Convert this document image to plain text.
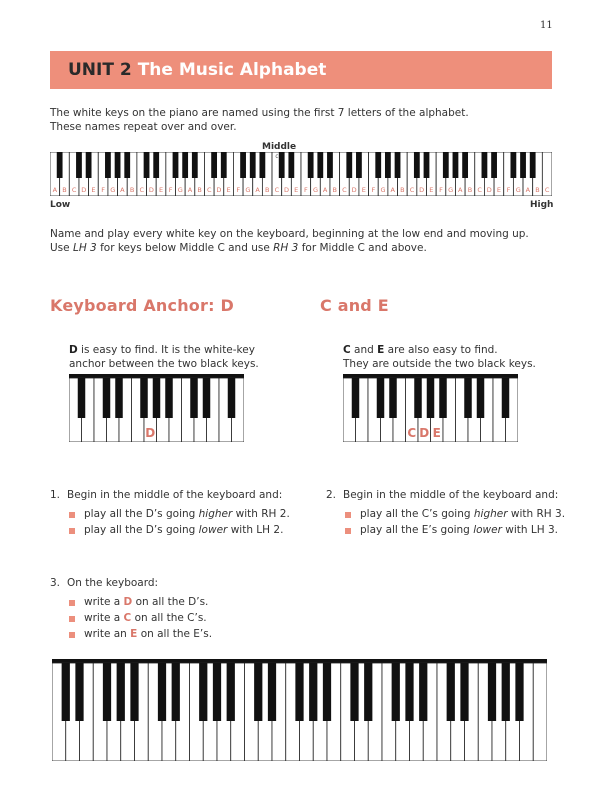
11
UNIT 2 The Music Alphabet
The white keys on the piano are named using the first 7 letters of the alphabet.
These names repeat over and over.
Middle
A B C D E F G A B C D E F G A B C D E F G A B C D E F G A B C D E F G A B C D E F G A B C D E F G A B C
C
Low	High
Name and play every white key on the keyboard, beginning at the low end and moving up.
Use LH 3 for keys below Middle C and use RH 3 for Middle C and above.
Keyboard Anchor: D	C and E
D is easy to find. It is the white-key
anchor between the two black keys.
C and E are also easy to find.
They are outside the two black keys.
D	C D E
1. Begin in the middle of the keyboard and:
play all the D’s going higher with RH 2.
play all the D’s going lower with LH 2.
2. Begin in the middle of the keyboard and:
play all the C’s going higher with RH 3.
play all the E’s going lower with LH 3.
3. On the keyboard:
write a D on all the D’s.
write a C on all the C’s.
write an E on all the E’s.
